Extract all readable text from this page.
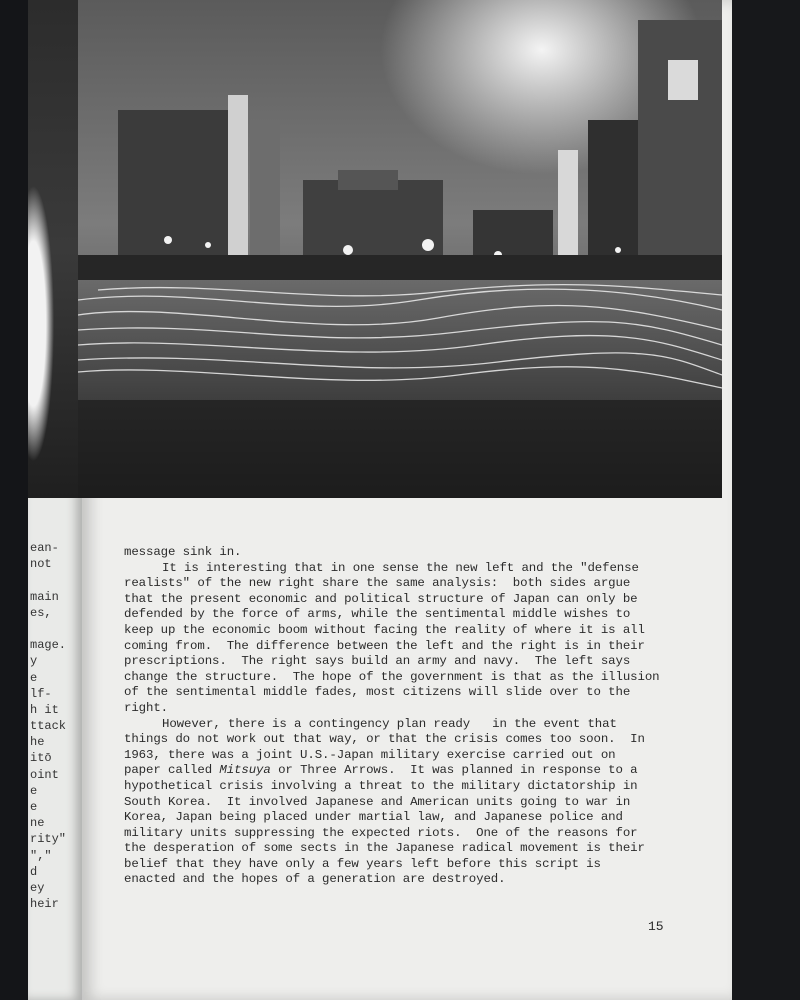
ean-
not
main
es,
mage.
y
e
lf-
h it
ttack
he
itō
oint
e
e
ne
rity"
","
d
ey
heir
message sink in.
It is interesting that in one sense the new left and the "defense
realists" of the new right share the same analysis:  both sides argue
that the present economic and political structure of Japan can only be
defended by the force of arms, while the sentimental middle wishes to
keep up the economic boom without facing the reality of where it is all
coming from.  The difference between the left and the right is in their
prescriptions.  The right says build an army and navy.  The left says
change the structure.  The hope of the government is that as the illusion
of the sentimental middle fades, most citizens will slide over to the
right.
However, there is a contingency plan ready   in the event that
things do not work out that way, or that the crisis comes too soon.  In
1963, there was a joint U.S.-Japan military exercise carried out on
paper called Mitsuya or Three Arrows.  It was planned in response to a
hypothetical crisis involving a threat to the military dictatorship in
South Korea.  It involved Japanese and American units going to war in
Korea, Japan being placed under martial law, and Japanese police and
military units suppressing the expected riots.  One of the reasons for
the desperation of some sects in the Japanese radical movement is their
belief that they have only a few years left before this script is
enacted and the hopes of a generation are destroyed.
15
